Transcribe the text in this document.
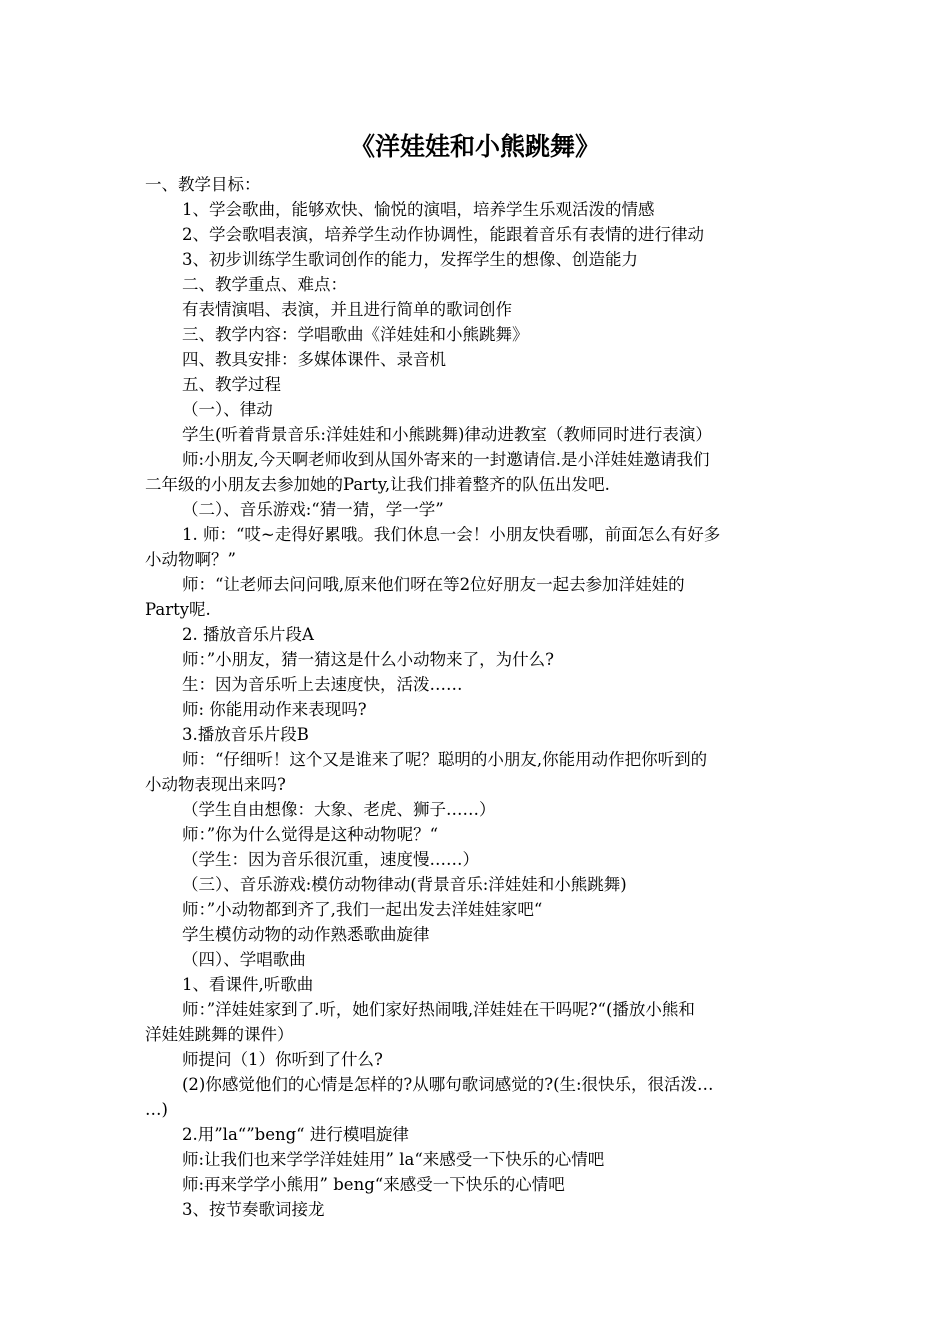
《洋娃娃和小熊跳舞》
一、教学目标：
1、学会歌曲，能够欢快、愉悦的演唱，培养学生乐观活泼的情感
2、学会歌唱表演，培养学生动作协调性，能跟着音乐有表情的进行律动
3、初步训练学生歌词创作的能力，发挥学生的想像、创造能力
二、教学重点、难点：
有表情演唱、表演，并且进行简单的歌词创作
三、教学内容：学唱歌曲《洋娃娃和小熊跳舞》
四、教具安排：多媒体课件、录音机
五、教学过程
（一）、律动
学生(听着背景音乐:洋娃娃和小熊跳舞)律动进教室（教师同时进行表演）
师:小朋友,今天啊老师收到从国外寄来的一封邀请信.是小洋娃娃邀请我们
二年级的小朋友去参加她的Party,让我们排着整齐的队伍出发吧.
（二）、音乐游戏:“猜一猜，学一学”
1. 师：“哎~走得好累哦。我们休息一会！小朋友快看哪，前面怎么有好多
小动物啊？”
师：“让老师去问问哦,原来他们呀在等2位好朋友一起去参加洋娃娃的
Party呢.
2. 播放音乐片段A
师：”小朋友，猜一猜这是什么小动物来了，为什么?
生：因为音乐听上去速度快，活泼……
师: 你能用动作来表现吗?
3.播放音乐片段B
师：“仔细听！这个又是谁来了呢？聪明的小朋友,你能用动作把你听到的
小动物表现出来吗?
（学生自由想像：大象、老虎、狮子……）
师：”你为什么觉得是这种动物呢？“
（学生：因为音乐很沉重，速度慢……）
（三）、音乐游戏:模仿动物律动(背景音乐:洋娃娃和小熊跳舞)
师：”小动物都到齐了,我们一起出发去洋娃娃家吧“
学生模仿动物的动作熟悉歌曲旋律
（四）、学唱歌曲
1、看课件,听歌曲
师：”洋娃娃家到了.听，她们家好热闹哦,洋娃娃在干吗呢?“(播放小熊和
洋娃娃跳舞的课件）
师提问（1）你听到了什么?
(2)你感觉他们的心情是怎样的?从哪句歌词感觉的?(生:很快乐，很活泼…
…)
2.用”la“”beng“ 进行模唱旋律
师:让我们也来学学洋娃娃用” la“来感受一下快乐的心情吧
师:再来学学小熊用” beng“来感受一下快乐的心情吧
3、按节奏歌词接龙
